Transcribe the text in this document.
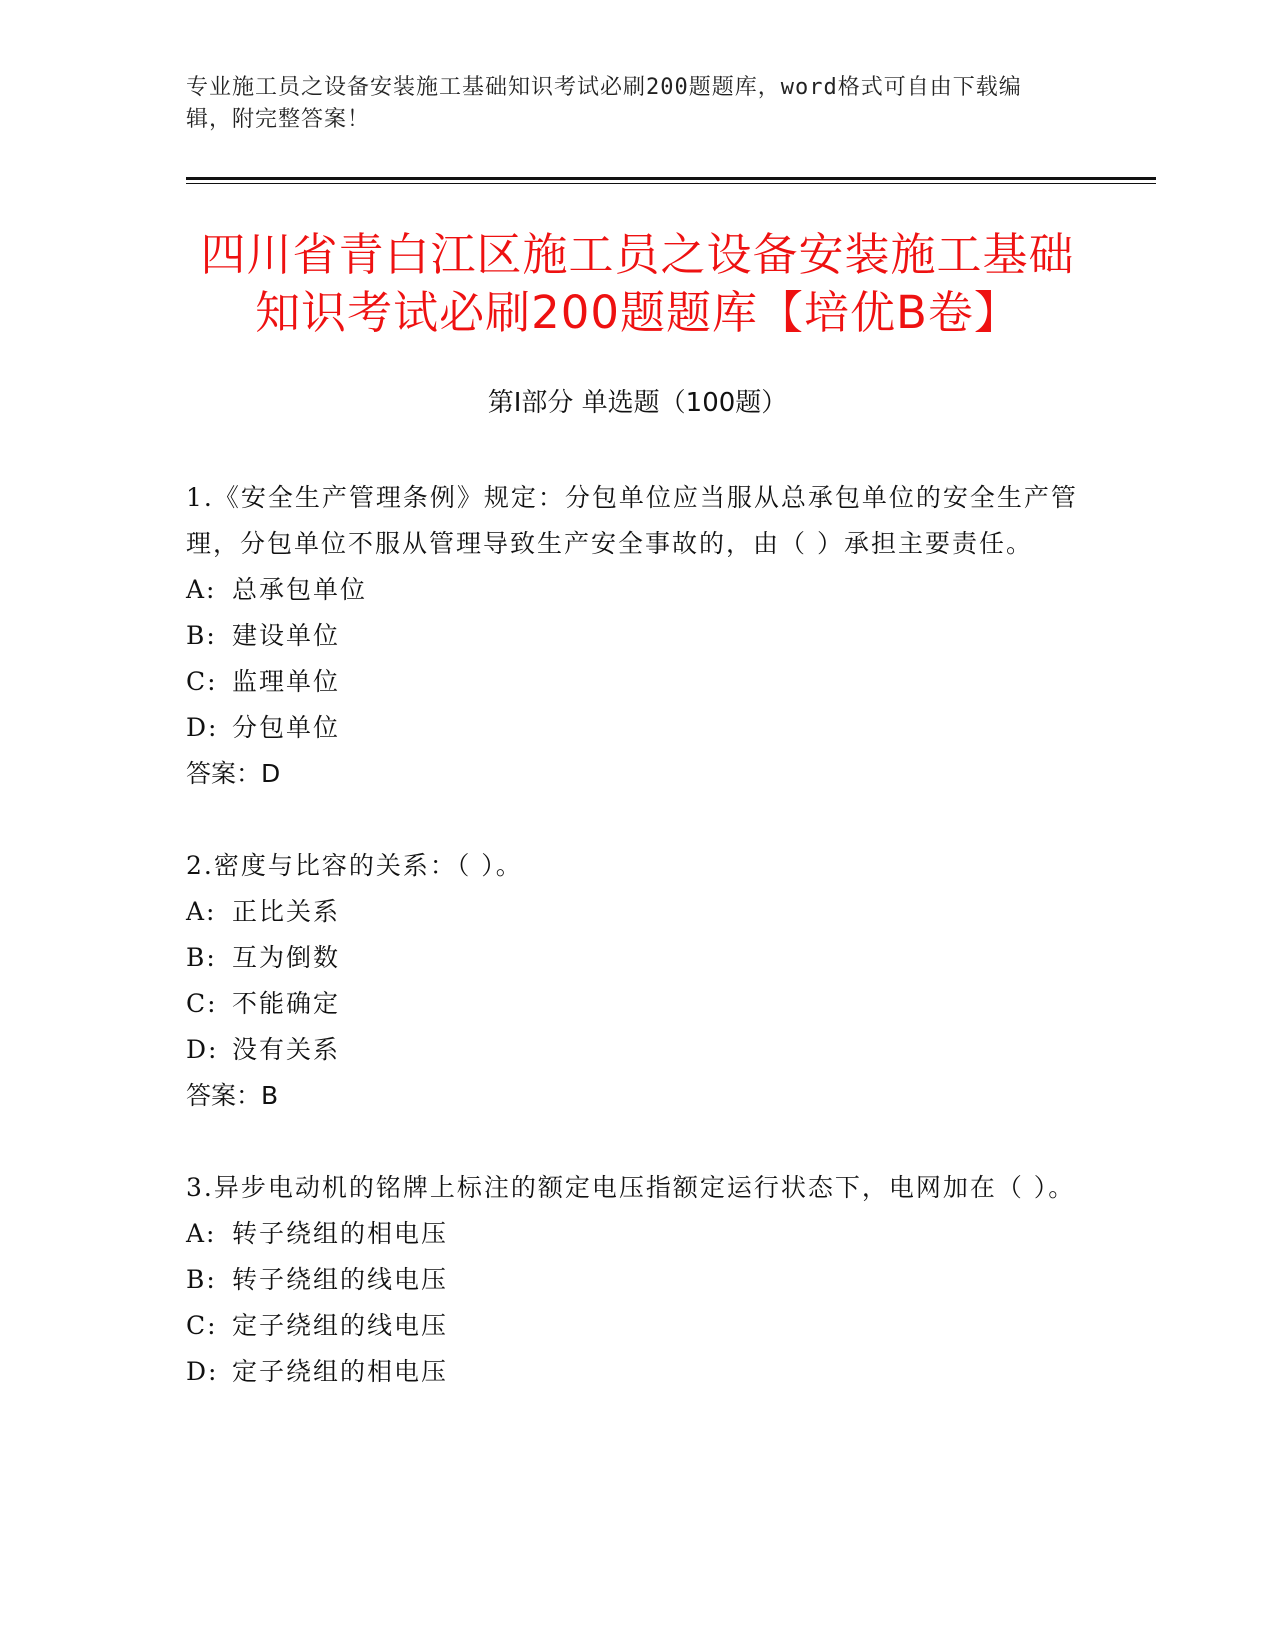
专业施工员之设备安装施工基础知识考试必刷200题题库，word格式可自由下载编辑，附完整答案！
四川省青白江区施工员之设备安装施工基础
知识考试必刷200题题库【培优B卷】
第I部分 单选题（100题）
1.《安全生产管理条例》规定：分包单位应当服从总承包单位的安全生产管理，分包单位不服从管理导致生产安全事故的，由（ ）承担主要责任。
A: 总承包单位
B: 建设单位
C: 监理单位
D: 分包单位
答案：D
2.密度与比容的关系：（ ）。
A: 正比关系
B: 互为倒数
C: 不能确定
D: 没有关系
答案：B
3.异步电动机的铭牌上标注的额定电压指额定运行状态下，电网加在（ ）。
A: 转子绕组的相电压
B: 转子绕组的线电压
C: 定子绕组的线电压
D: 定子绕组的相电压
